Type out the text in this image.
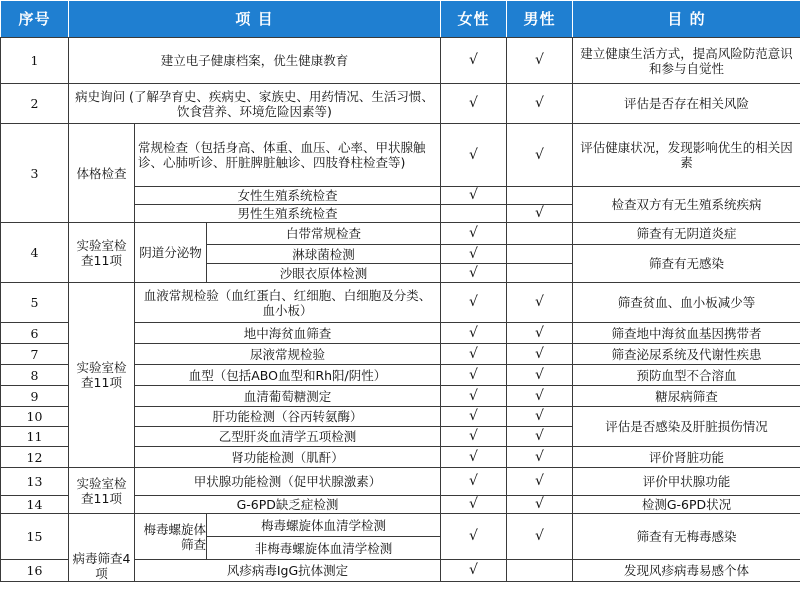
序号	项 目			女性	男性	目 的
1	建立电子健康档案，优生健康教育			√	√	建立健康生活方式，提高风险防范意识和参与自觉性
2	病史询问 (了解孕育史、疾病史、家族史、用药情况、生活习惯、饮食营养、环境危险因素等)			√	√	评估是否存在相关风险
3	体格检查	常规检查（包括身高、体重、血压、心率、甲状腺触诊、心肺听诊、肝脏脾脏触诊、四肢脊柱检查等)		√	√	评估健康状况，发现影响优生的相关因素
		女性生殖系统检查		√		检查双方有无生殖系统疾病
		男性生殖系统检查			√	
4	实验室检查11项	阴道分泌物	白带常规检查	√		筛查有无阴道炎症
			淋球菌检测	√		筛查有无感染
			沙眼衣原体检测	√		
5	实验室检查11项	血液常规检验（血红蛋白、红细胞、白细胞及分类、血小板）		√	√	筛查贫血、血小板减少等
6		地中海贫血筛查		√	√	筛查地中海贫血基因携带者
7		尿液常规检验		√	√	筛查泌尿系统及代谢性疾患
8		血型（包括ABO血型和Rh阳/阴性）		√	√	预防血型不合溶血
9		血清葡萄糖测定		√	√	糖尿病筛查
10		肝功能检测（谷丙转氨酶）		√	√	评估是否感染及肝脏损伤情况
11		乙型肝炎血清学五项检测		√	√	
12		肾功能检测（肌酐）		√	√	评价肾脏功能
13	实验室检查11项	甲状腺功能检测（促甲状腺激素）		√	√	评价甲状腺功能
14		G-6PD缺乏症检测		√	√	检测G-6PD状况
15	病毒筛查4项	梅毒螺旋体筛查	梅毒螺旋体血清学检测	√	√	筛查有无梅毒感染
			非梅毒螺旋体血清学检测			
16		风疹病毒IgG抗体测定		√		发现风疹病毒易感个体
